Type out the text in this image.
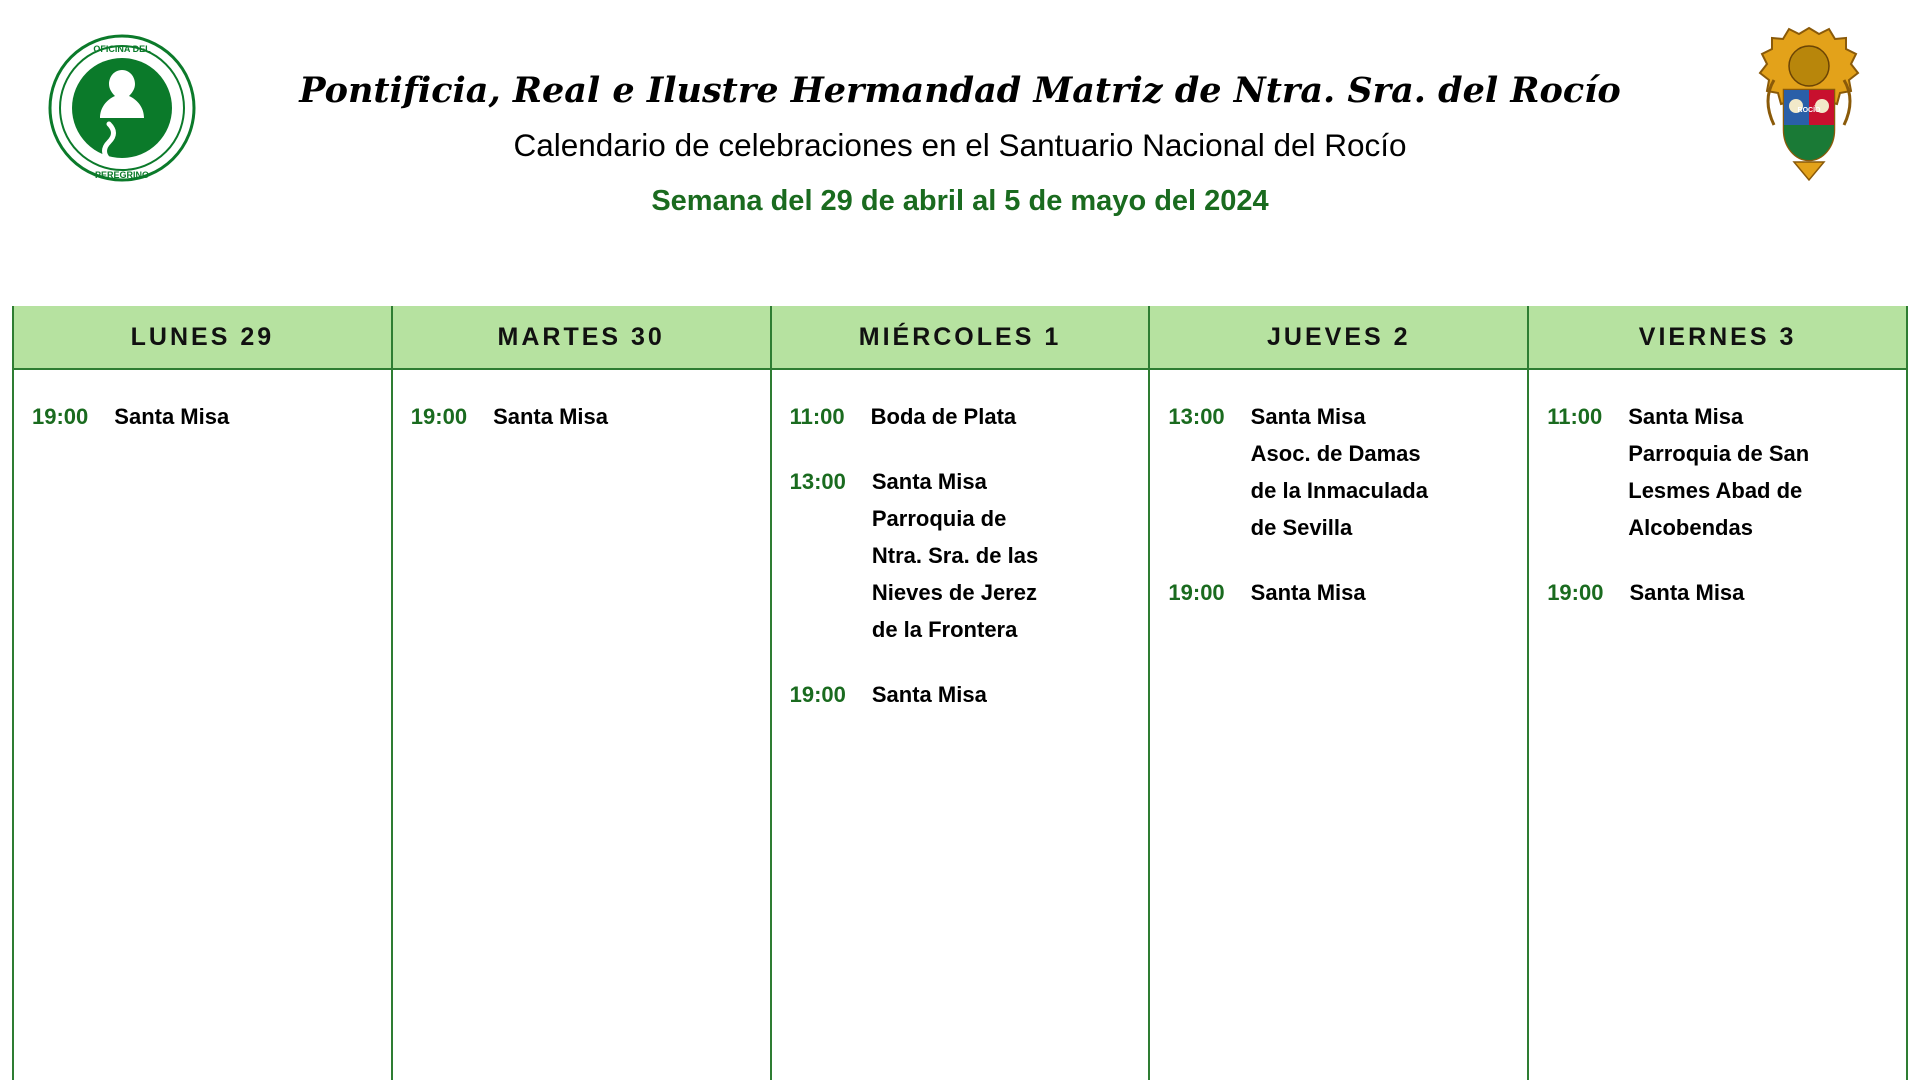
OFICINA DEL
PEREGRINO
ROCÍO
Pontificia, Real e Ilustre Hermandad Matriz de Ntra. Sra. del Rocío
Calendario de celebraciones en el Santuario Nacional del Rocío
Semana del 29 de abril al 5 de mayo del 2024
LUNES 29
19:00 Santa Misa
MARTES 30
19:00 Santa Misa
MIÉRCOLES 1
11:00 Boda de Plata
13:00 Santa Misa
Parroquia de
Ntra. Sra. de las
Nieves de Jerez
de la Frontera
19:00 Santa Misa
JUEVES 2
13:00 Santa Misa
Asoc. de Damas
de la Inmaculada
de Sevilla
19:00 Santa Misa
VIERNES 3
11:00 Santa Misa
Parroquia de San
Lesmes Abad de
Alcobendas
19:00 Santa Misa
